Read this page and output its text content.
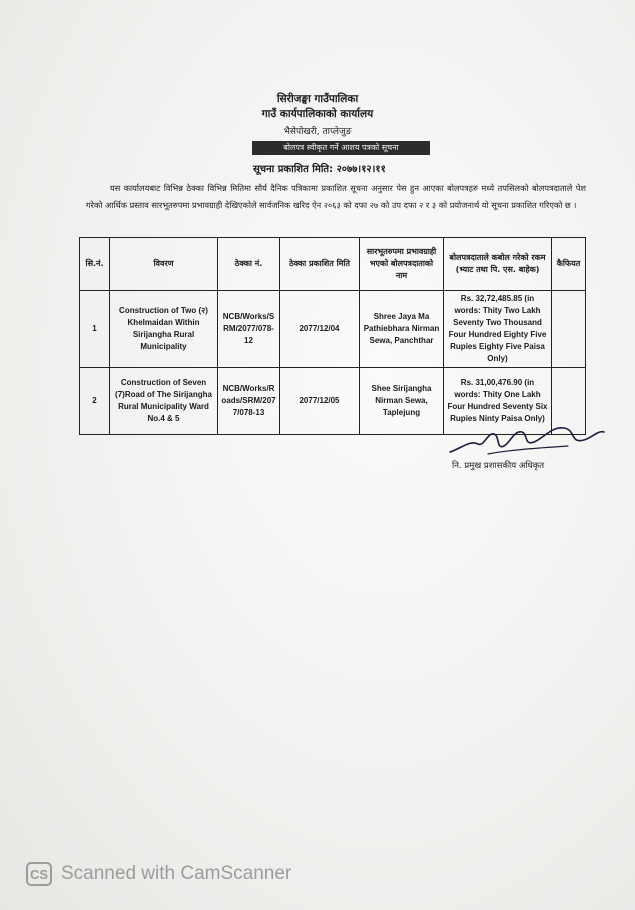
सिरीजङ्घा गाउँपालिका
गाउँ कार्यपालिकाको कार्यालय
भैसेपोखरी, ताप्लेजुङ
बोलपत्र स्वीकृत गर्ने आशय पत्रको सूचना
सूचना प्रकाशित मिति: २०७७।१२।११
यस कार्यालयबाट विभिन्न ठेक्का विभिन्न मितिमा सौर्य दैनिक पत्रिकामा प्रकाशित सूचना अनुसार पेस हुन आएका बोलपत्रहरु मध्ये तपसिलको बोलपत्रदाताले पेश गरेको आर्थिक प्रस्ताव सारभूतरुपमा प्रभावग्राही देखिएकोले सार्वजनिक खरिद ऐन २०६३ को दफा २७ को उप दफा २ र ३ को प्रयोजनार्थ यो सूचना प्रकाशित गरिएको छ ।
सि.नं.	विवरण	ठेक्का नं.	ठेक्का प्रकाशित मिति	सारभूतरुपमा प्रभावग्राही भएको बोलपत्रदाताको नाम	बोलपत्रदाताले कबोल गरेको रकम (भ्याट तथा पि. एस. बाहेक)	कैफियत
1	Construction of Two (२) Khelmaidan Within Sirijangha Rural Municipality	NCB/Works/SRM/2077/078-12	2077/12/04	Shree Jaya Ma Pathiebhara Nirman Sewa, Panchthar	Rs. 32,72,485.85 (in words: Thity Two Lakh Seventy Two Thousand Four Hundred Eighty Five Rupies Eighty Five Paisa Only)	
2	Construction of Seven (7)Road of The Sirijangha Rural Municipality Ward No.4 & 5	NCB/Works/Roads/SRM/2077/078-13	2077/12/05	Shee Sirijangha Nirman Sewa, Taplejung	Rs. 31,00,476.90 (in words: Thity One Lakh Four Hundred Seventy Six Rupies Ninty Paisa Only)	
नि. प्रमुख प्रशासकीय अधिकृत
CS Scanned with CamScanner
